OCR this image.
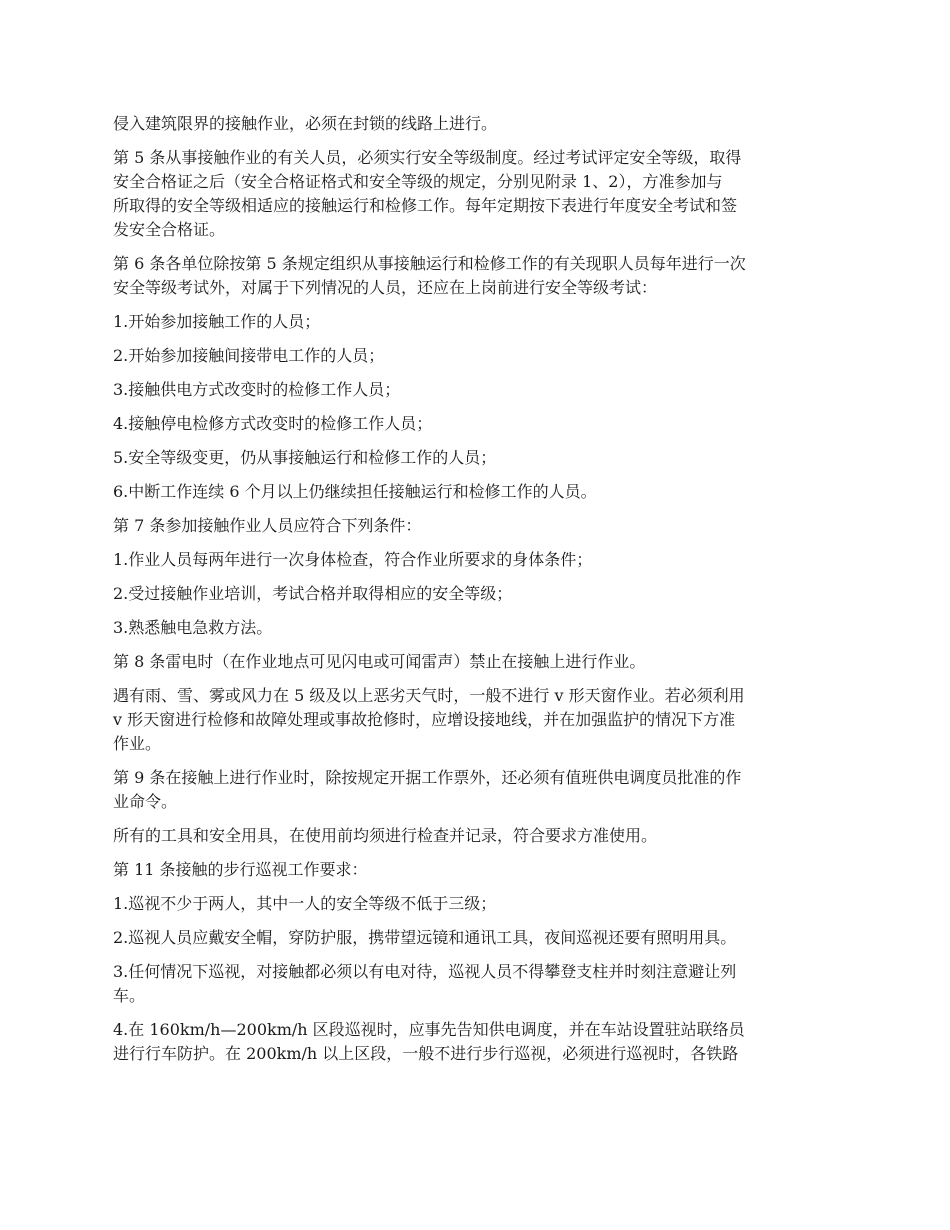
侵入建筑限界的接触作业，必须在封锁的线路上进行。

第 5 条从事接触作业的有关人员，必须实行安全等级制度。经过考试评定安全等级，取得
安全合格证之后（安全合格证格式和安全等级的规定，分别见附录 1、2），方准参加与
所取得的安全等级相适应的接触运行和检修工作。每年定期按下表进行年度安全考试和签
发安全合格证。

第 6 条各单位除按第 5 条规定组织从事接触运行和检修工作的有关现职人员每年进行一次
安全等级考试外，对属于下列情况的人员，还应在上岗前进行安全等级考试：

1.开始参加接触工作的人员；

2.开始参加接触间接带电工作的人员；

3.接触供电方式改变时的检修工作人员；

4.接触停电检修方式改变时的检修工作人员；

5.安全等级变更，仍从事接触运行和检修工作的人员；

6.中断工作连续 6 个月以上仍继续担任接触运行和检修工作的人员。

第 7 条参加接触作业人员应符合下列条件：

1.作业人员每两年进行一次身体检查，符合作业所要求的身体条件；

2.受过接触作业培训，考试合格并取得相应的安全等级；

3.熟悉触电急救方法。

第 8 条雷电时（在作业地点可见闪电或可闻雷声）禁止在接触上进行作业。

遇有雨、雪、雾或风力在 5 级及以上恶劣天气时，一般不进行 v 形天窗作业。若必须利用
v 形天窗进行检修和故障处理或事故抢修时，应增设接地线，并在加强监护的情况下方准
作业。

第 9 条在接触上进行作业时，除按规定开据工作票外，还必须有值班供电调度员批准的作
业命令。

所有的工具和安全用具，在使用前均须进行检查并记录，符合要求方准使用。

第 11 条接触的步行巡视工作要求：

1.巡视不少于两人，其中一人的安全等级不低于三级；

2.巡视人员应戴安全帽，穿防护服，携带望远镜和通讯工具，夜间巡视还要有照明用具。

3.任何情况下巡视，对接触都必须以有电对待，巡视人员不得攀登支柱并时刻注意避让列
车。

4.在 160km/h—200km/h 区段巡视时，应事先告知供电调度，并在车站设置驻站联络员
进行行车防护。在 200km/h 以上区段，一般不进行步行巡视，必须进行巡视时，各铁路
